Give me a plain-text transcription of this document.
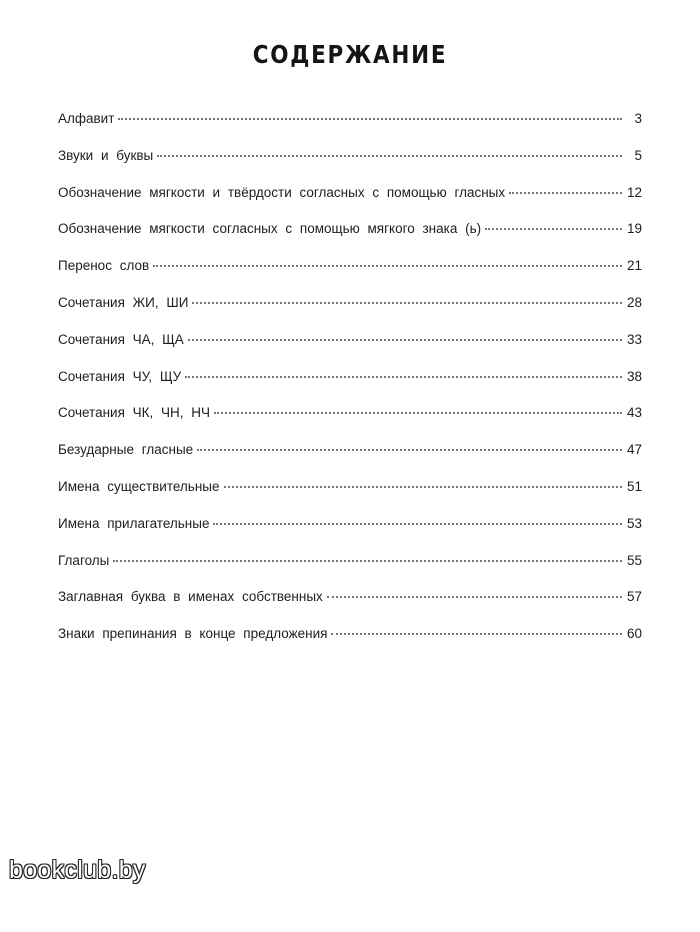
СОДЕРЖАНИЕ
Алфавит	3
Звуки и буквы	5
Обозначение мягкости и твёрдости согласных с помощью гласных	12
Обозначение мягкости согласных с помощью мягкого знака (ь)	19
Перенос слов	21
Сочетания ЖИ, ШИ	28
Сочетания ЧА, ЩА	33
Сочетания ЧУ, ЩУ	38
Сочетания ЧК, ЧН, НЧ	43
Безударные гласные	47
Имена существительные	51
Имена прилагательные	53
Глаголы	55
Заглавная буква в именах собственных	57
Знаки препинания в конце предложения	60
bookclub.by
